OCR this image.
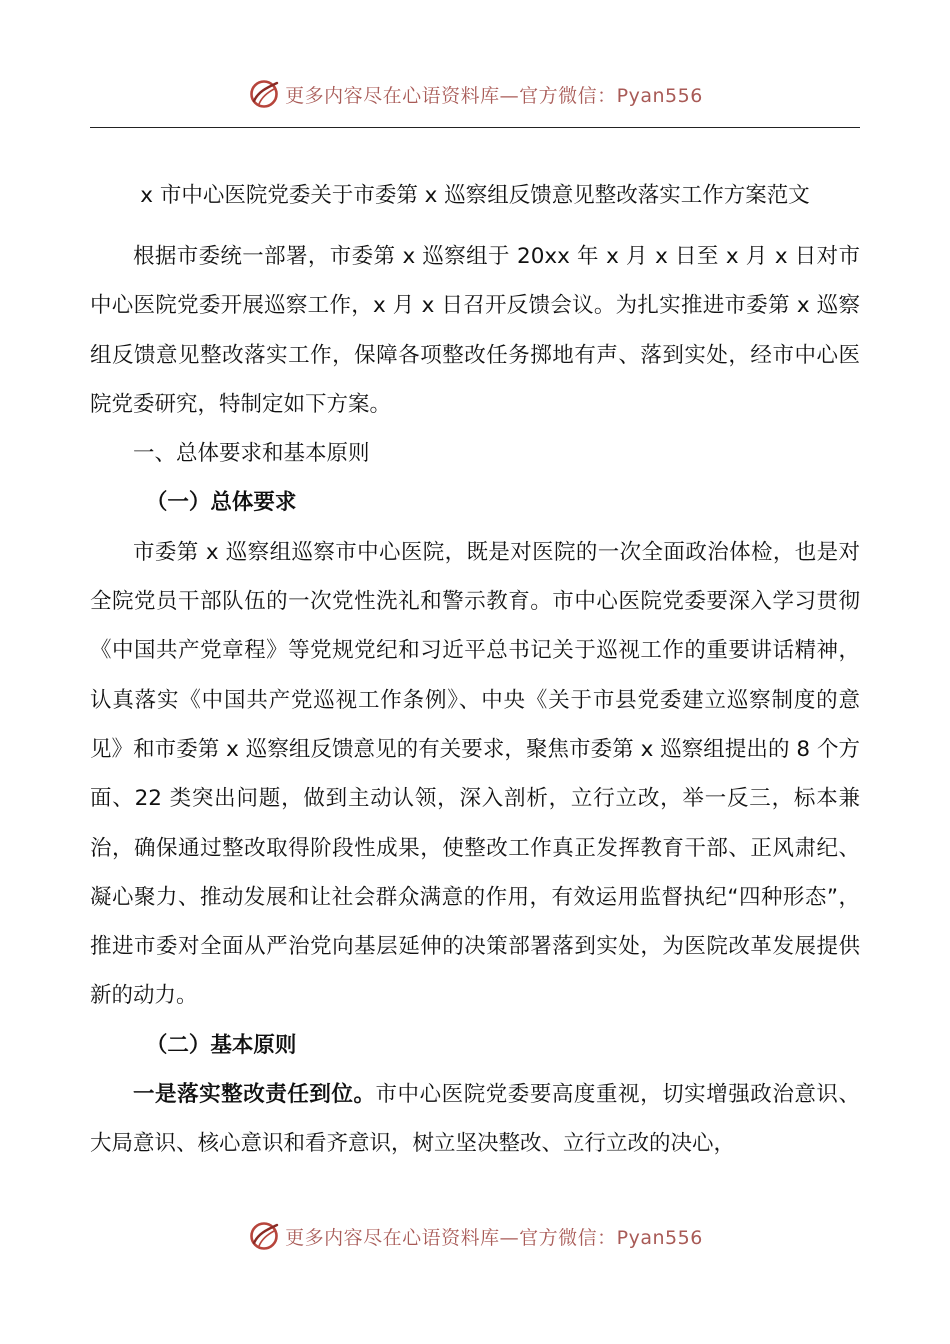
更多内容尽在心语资料库—官方微信：Pyan556
x 市中心医院党委关于市委第 x 巡察组反馈意见整改落实工作方案范文

根据市委统一部署，市委第 x 巡察组于 20xx 年 x 月 x 日至 x 月 x 日对市中心医院党委开展巡察工作，x 月 x 日召开反馈会议。为扎实推进市委第 x 巡察组反馈意见整改落实工作，保障各项整改任务掷地有声、落到实处，经市中心医院党委研究，特制定如下方案。

一、总体要求和基本原则

（一）总体要求

市委第 x 巡察组巡察市中心医院，既是对医院的一次全面政治体检，也是对全院党员干部队伍的一次党性洗礼和警示教育。市中心医院党委要深入学习贯彻《中国共产党章程》等党规党纪和习近平总书记关于巡视工作的重要讲话精神，认真落实《中国共产党巡视工作条例》、中央《关于市县党委建立巡察制度的意见》和市委第 x 巡察组反馈意见的有关要求，聚焦市委第 x 巡察组提出的 8 个方面、22 类突出问题，做到主动认领，深入剖析，立行立改，举一反三，标本兼治，确保通过整改取得阶段性成果，使整改工作真正发挥教育干部、正风肃纪、凝心聚力、推动发展和让社会群众满意的作用，有效运用监督执纪“四种形态”，推进市委对全面从严治党向基层延伸的决策部署落到实处，为医院改革发展提供新的动力。

（二）基本原则

一是落实整改责任到位。市中心医院党委要高度重视，切实增强政治意识、大局意识、核心意识和看齐意识，树立坚决整改、立行立改的决心，

更多内容尽在心语资料库—官方微信：Pyan556
